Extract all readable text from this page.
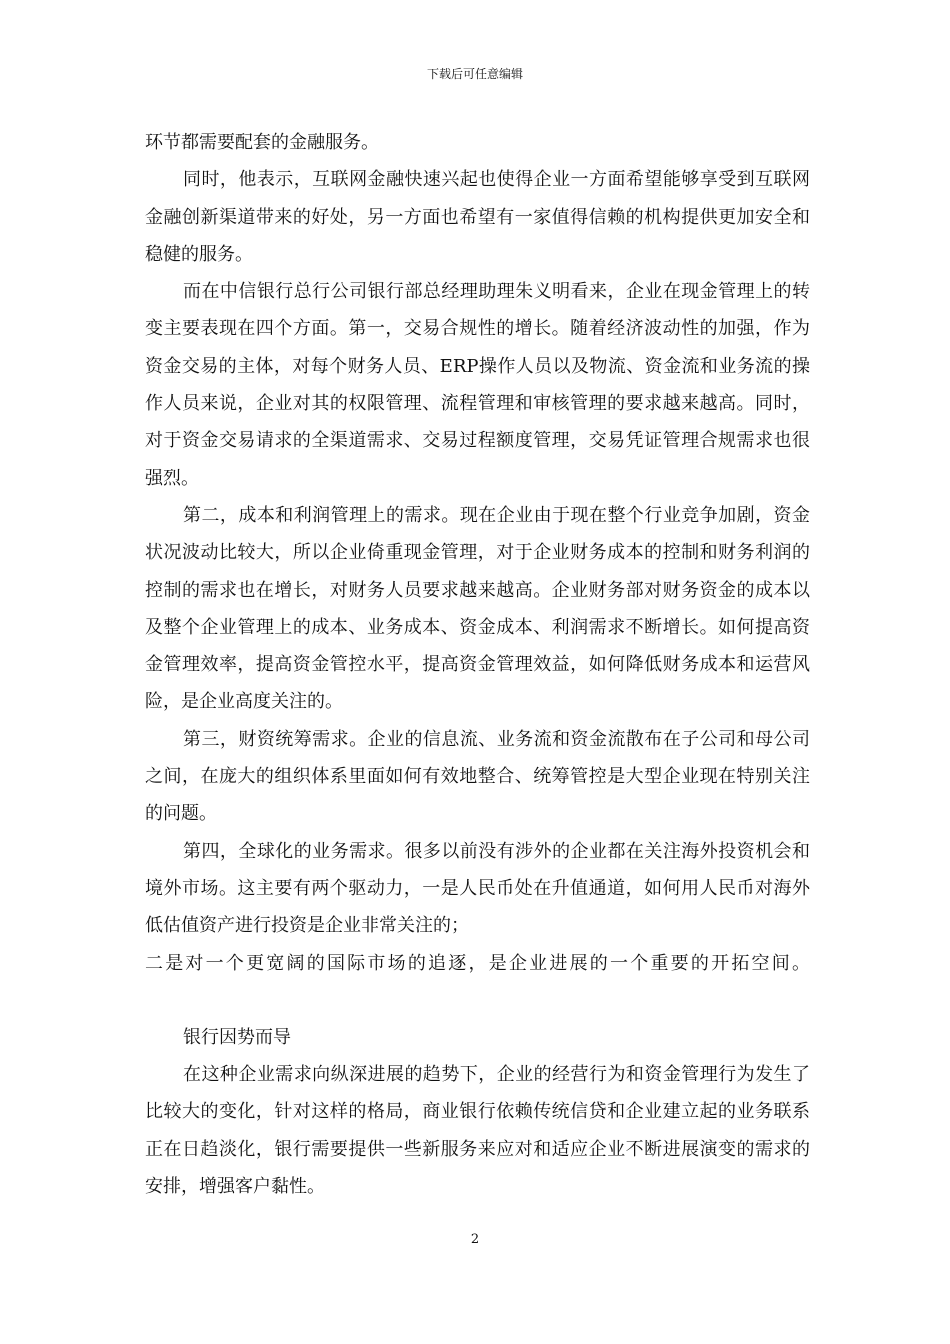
下载后可任意编辑

环节都需要配套的金融服务。

同时，他表示，互联网金融快速兴起也使得企业一方面希望能够享受到互联网金融创新渠道带来的好处，另一方面也希望有一家值得信赖的机构提供更加安全和稳健的服务。

而在中信银行总行公司银行部总经理助理朱义明看来，企业在现金管理上的转变主要表现在四个方面。第一，交易合规性的增长。随着经济波动性的加强，作为资金交易的主体，对每个财务人员、ERP操作人员以及物流、资金流和业务流的操作人员来说，企业对其的权限管理、流程管理和审核管理的要求越来越高。同时，对于资金交易请求的全渠道需求、交易过程额度管理，交易凭证管理合规需求也很强烈。

第二，成本和利润管理上的需求。现在企业由于现在整个行业竞争加剧，资金状况波动比较大，所以企业倚重现金管理，对于企业财务成本的控制和财务利润的控制的需求也在增长，对财务人员要求越来越高。企业财务部对财务资金的成本以及整个企业管理上的成本、业务成本、资金成本、利润需求不断增长。如何提高资金管理效率，提高资金管控水平，提高资金管理效益，如何降低财务成本和运营风险，是企业高度关注的。

第三，财资统筹需求。企业的信息流、业务流和资金流散布在子公司和母公司之间，在庞大的组织体系里面如何有效地整合、统筹管控是大型企业现在特别关注的问题。

第四，全球化的业务需求。很多以前没有涉外的企业都在关注海外投资机会和境外市场。这主要有两个驱动力，一是人民币处在升值通道，如何用人民币对海外低估值资产进行投资是企业非常关注的；

二是对一个更宽阔的国际市场的追逐，是企业进展的一个重要的开拓空间。

银行因势而导

在这种企业需求向纵深进展的趋势下，企业的经营行为和资金管理行为发生了比较大的变化，针对这样的格局，商业银行依赖传统信贷和企业建立起的业务联系正在日趋淡化，银行需要提供一些新服务来应对和适应企业不断进展演变的需求的安排，增强客户黏性。

2
